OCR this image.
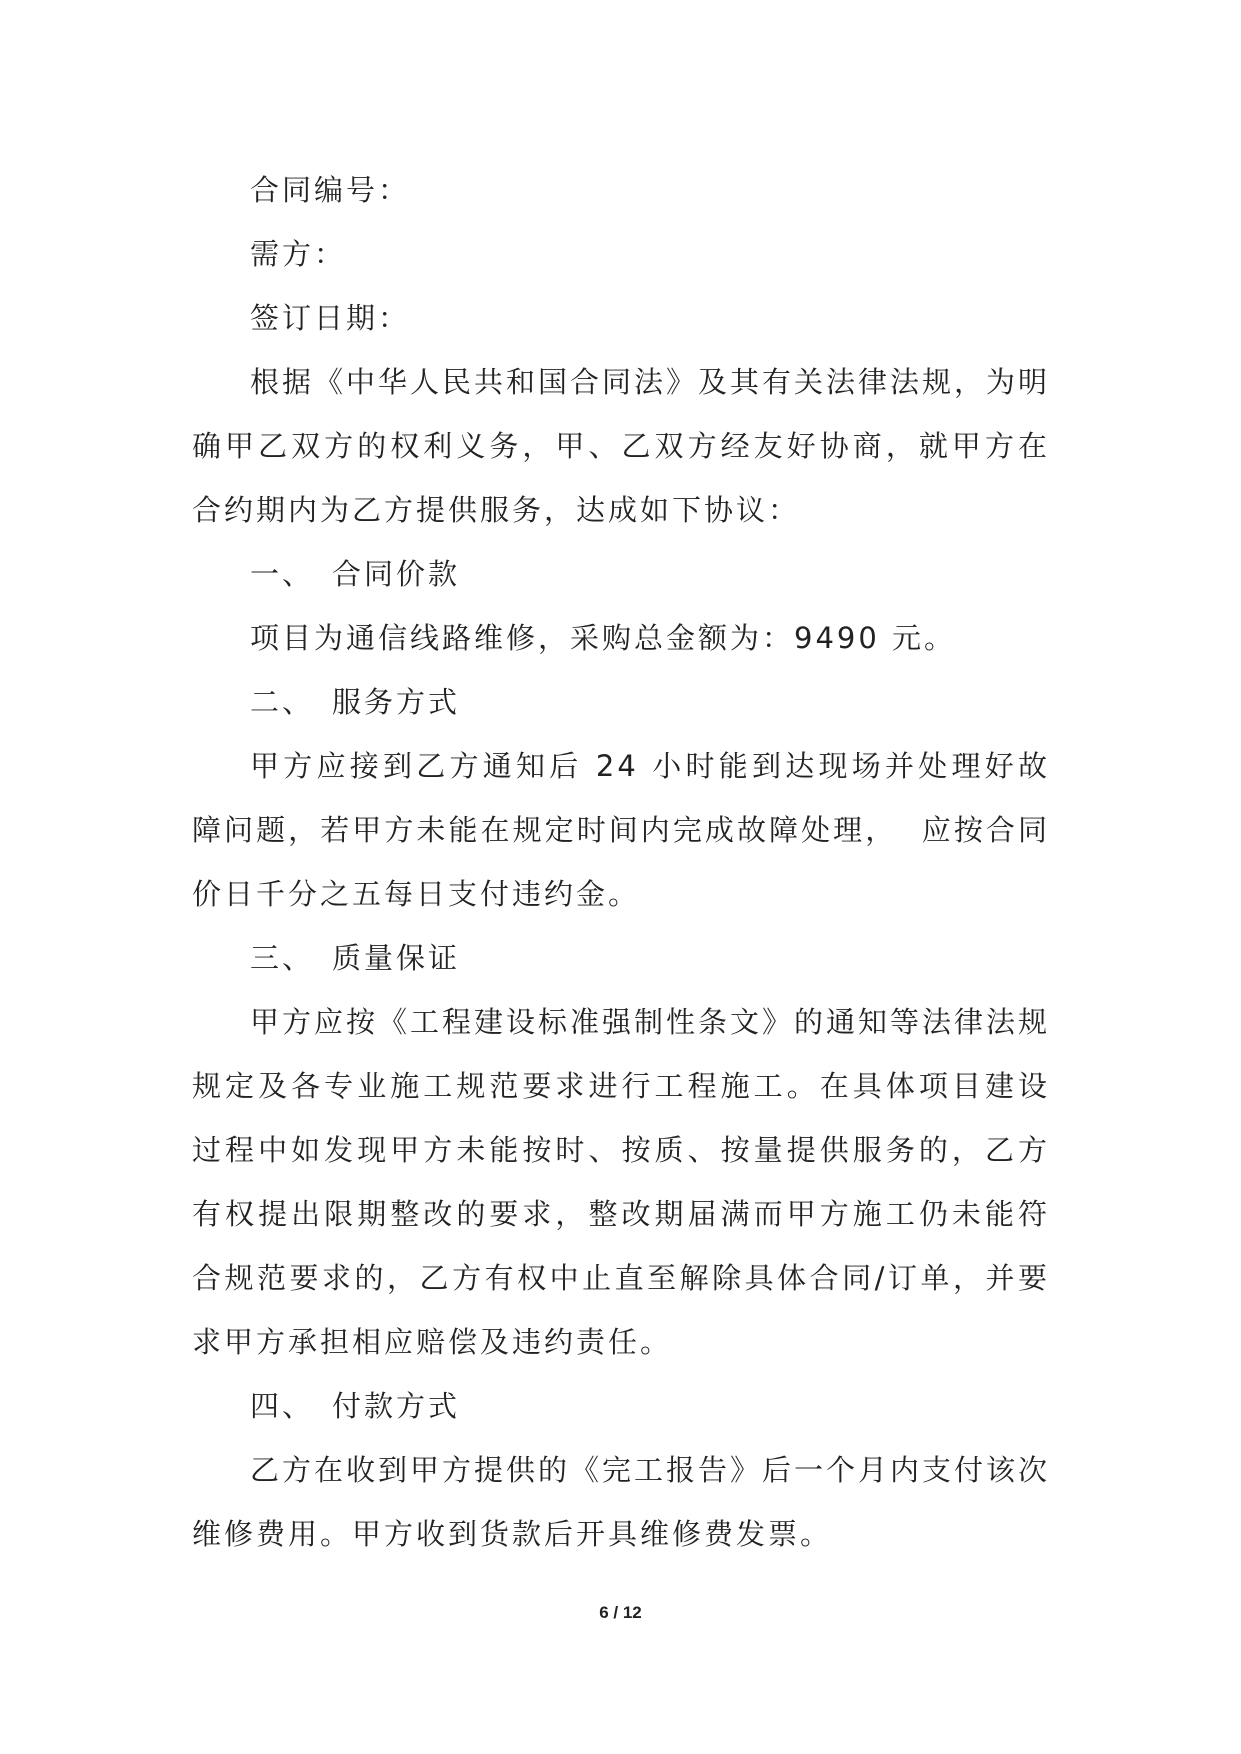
合同编号：

需方：

签订日期：

根据《中华人民共和国合同法》及其有关法律法规，为明确甲乙双方的权利义务，甲、乙双方经友好协商，就甲方在合约期内为乙方提供服务，达成如下协议：

一、 合同价款

项目为通信线路维修，采购总金额为：9490 元。

二、 服务方式

甲方应接到乙方通知后 24 小时能到达现场并处理好故障问题，若甲方未能在规定时间内完成故障处理，  应按合同价日千分之五每日支付违约金。

三、 质量保证

甲方应按《工程建设标准强制性条文》的通知等法律法规规定及各专业施工规范要求进行工程施工。在具体项目建设过程中如发现甲方未能按时、按质、按量提供服务的，乙方有权提出限期整改的要求，整改期届满而甲方施工仍未能符合规范要求的，乙方有权中止直至解除具体合同/订单，并要求甲方承担相应赔偿及违约责任。

四、 付款方式

乙方在收到甲方提供的《完工报告》后一个月内支付该次维修费用。甲方收到货款后开具维修费发票。

6 / 12
